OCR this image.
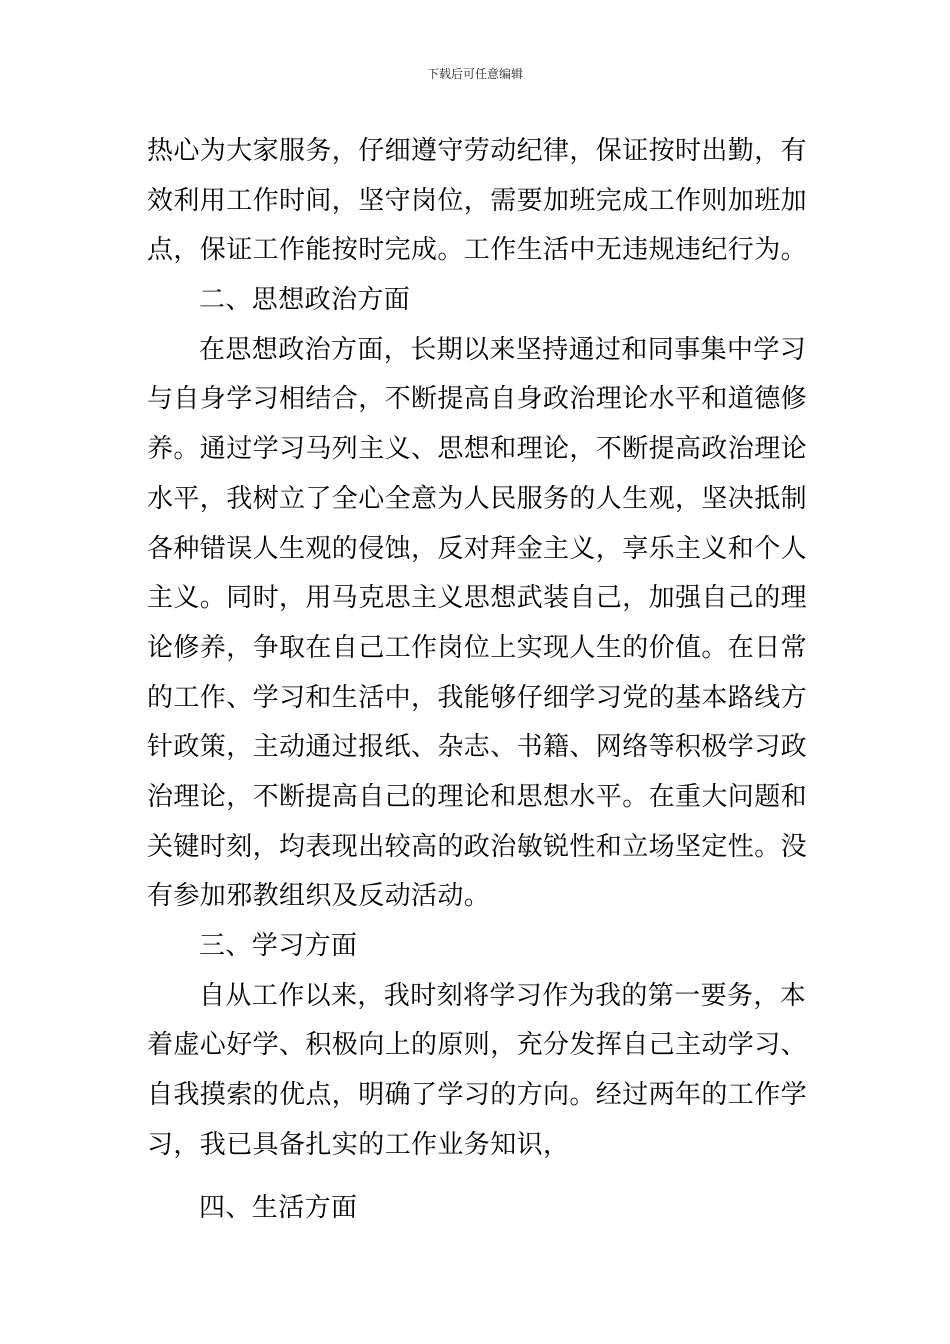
下载后可任意编辑
热心为大家服务，仔细遵守劳动纪律，保证按时出勤，有
效利用工作时间，坚守岗位，需要加班完成工作则加班加
点，保证工作能按时完成。工作生活中无违规违纪行为。
二、思想政治方面
在思想政治方面，长期以来坚持通过和同事集中学习
与自身学习相结合，不断提高自身政治理论水平和道德修
养。通过学习马列主义、思想和理论，不断提高政治理论
水平，我树立了全心全意为人民服务的人生观，坚决抵制
各种错误人生观的侵蚀，反对拜金主义，享乐主义和个人
主义。同时，用马克思主义思想武装自己，加强自己的理
论修养，争取在自己工作岗位上实现人生的价值。在日常
的工作、学习和生活中，我能够仔细学习党的基本路线方
针政策，主动通过报纸、杂志、书籍、网络等积极学习政
治理论，不断提高自己的理论和思想水平。在重大问题和
关键时刻，均表现出较高的政治敏锐性和立场坚定性。没
有参加邪教组织及反动活动。
三、学习方面
自从工作以来，我时刻将学习作为我的第一要务，本
着虚心好学、积极向上的原则，充分发挥自己主动学习、
自我摸索的优点，明确了学习的方向。经过两年的工作学
习，我已具备扎实的工作业务知识，
四、生活方面
